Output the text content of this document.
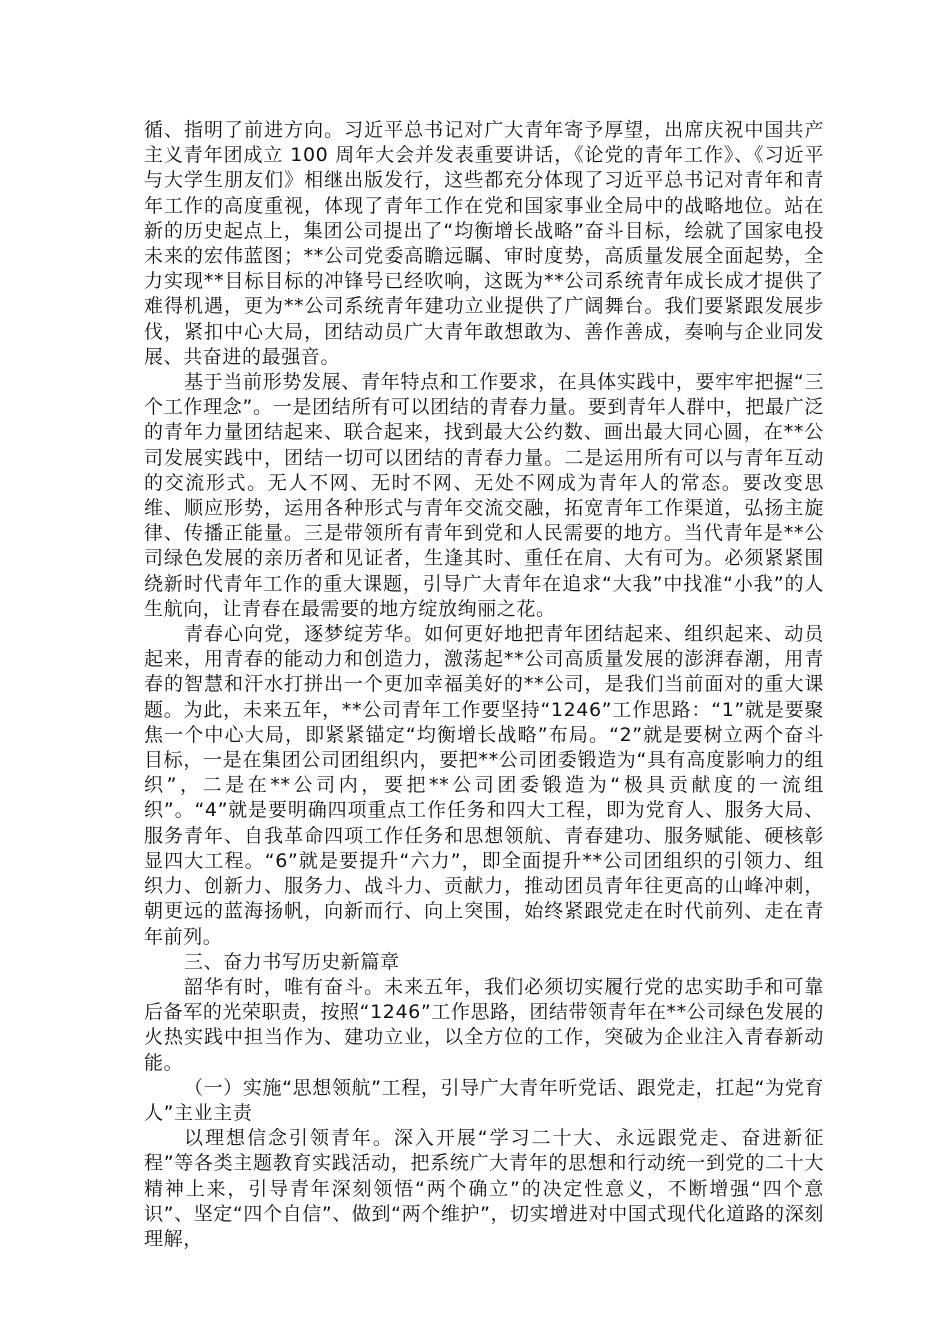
循、指明了前进方向。习近平总书记对广大青年寄予厚望，出席庆祝中国共产主义青年团成立 100 周年大会并发表重要讲话，《论党的青年工作》、《习近平与大学生朋友们》相继出版发行，这些都充分体现了习近平总书记对青年和青年工作的高度重视，体现了青年工作在党和国家事业全局中的战略地位。站在新的历史起点上，集团公司提出了“均衡增长战略”奋斗目标，绘就了国家电投未来的宏伟蓝图；**公司党委高瞻远瞩、审时度势，高质量发展全面起势，全力实现**目标目标的冲锋号已经吹响，这既为**公司系统青年成长成才提供了难得机遇，更为**公司系统青年建功立业提供了广阔舞台。我们要紧跟发展步伐，紧扣中心大局，团结动员广大青年敢想敢为、善作善成，奏响与企业同发展、共奋进的最强音。

基于当前形势发展、青年特点和工作要求，在具体实践中，要牢牢把握“三个工作理念”。一是团结所有可以团结的青春力量。要到青年人群中，把最广泛的青年力量团结起来、联合起来，找到最大公约数、画出最大同心圆，在**公司发展实践中，团结一切可以团结的青春力量。二是运用所有可以与青年互动的交流形式。无人不网、无时不网、无处不网成为青年人的常态。要改变思维、顺应形势，运用各种形式与青年交流交融，拓宽青年工作渠道，弘扬主旋律、传播正能量。三是带领所有青年到党和人民需要的地方。当代青年是**公司绿色发展的亲历者和见证者，生逢其时、重任在肩、大有可为。必须紧紧围绕新时代青年工作的重大课题，引导广大青年在追求“大我”中找准“小我”的人生航向，让青春在最需要的地方绽放绚丽之花。

青春心向党，逐梦绽芳华。如何更好地把青年团结起来、组织起来、动员起来，用青春的能动力和创造力，激荡起**公司高质量发展的澎湃春潮，用青春的智慧和汗水打拼出一个更加幸福美好的**公司，是我们当前面对的重大课题。为此，未来五年，**公司青年工作要坚持“1246”工作思路：“1”就是要聚焦一个中心大局，即紧紧锚定“均衡增长战略”布局。“2”就是要树立两个奋斗目标，一是在集团公司团组织内，要把**公司团委锻造为“具有高度影响力的组织”，二是在**公司内，要把**公司团委锻造为“极具贡献度的一流组织”。“4”就是要明确四项重点工作任务和四大工程，即为党育人、服务大局、服务青年、自我革命四项工作任务和思想领航、青春建功、服务赋能、硬核彰显四大工程。“6”就是要提升“六力”，即全面提升**公司团组织的引领力、组织力、创新力、服务力、战斗力、贡献力，推动团员青年往更高的山峰冲刺，朝更远的蓝海扬帆，向新而行、向上突围，始终紧跟党走在时代前列、走在青年前列。

三、奋力书写历史新篇章

韶华有时，唯有奋斗。未来五年，我们必须切实履行党的忠实助手和可靠后备军的光荣职责，按照“1246”工作思路，团结带领青年在**公司绿色发展的火热实践中担当作为、建功立业，以全方位的工作，突破为企业注入青春新动能。

（一）实施“思想领航”工程，引导广大青年听党话、跟党走，扛起“为党育人”主业主责

以理想信念引领青年。深入开展“学习二十大、永远跟党走、奋进新征程”等各类主题教育实践活动，把系统广大青年的思想和行动统一到党的二十大精神上来，引导青年深刻领悟“两个确立”的决定性意义，不断增强“四个意识”、坚定“四个自信”、做到“两个维护”，切实增进对中国式现代化道路的深刻理解，
